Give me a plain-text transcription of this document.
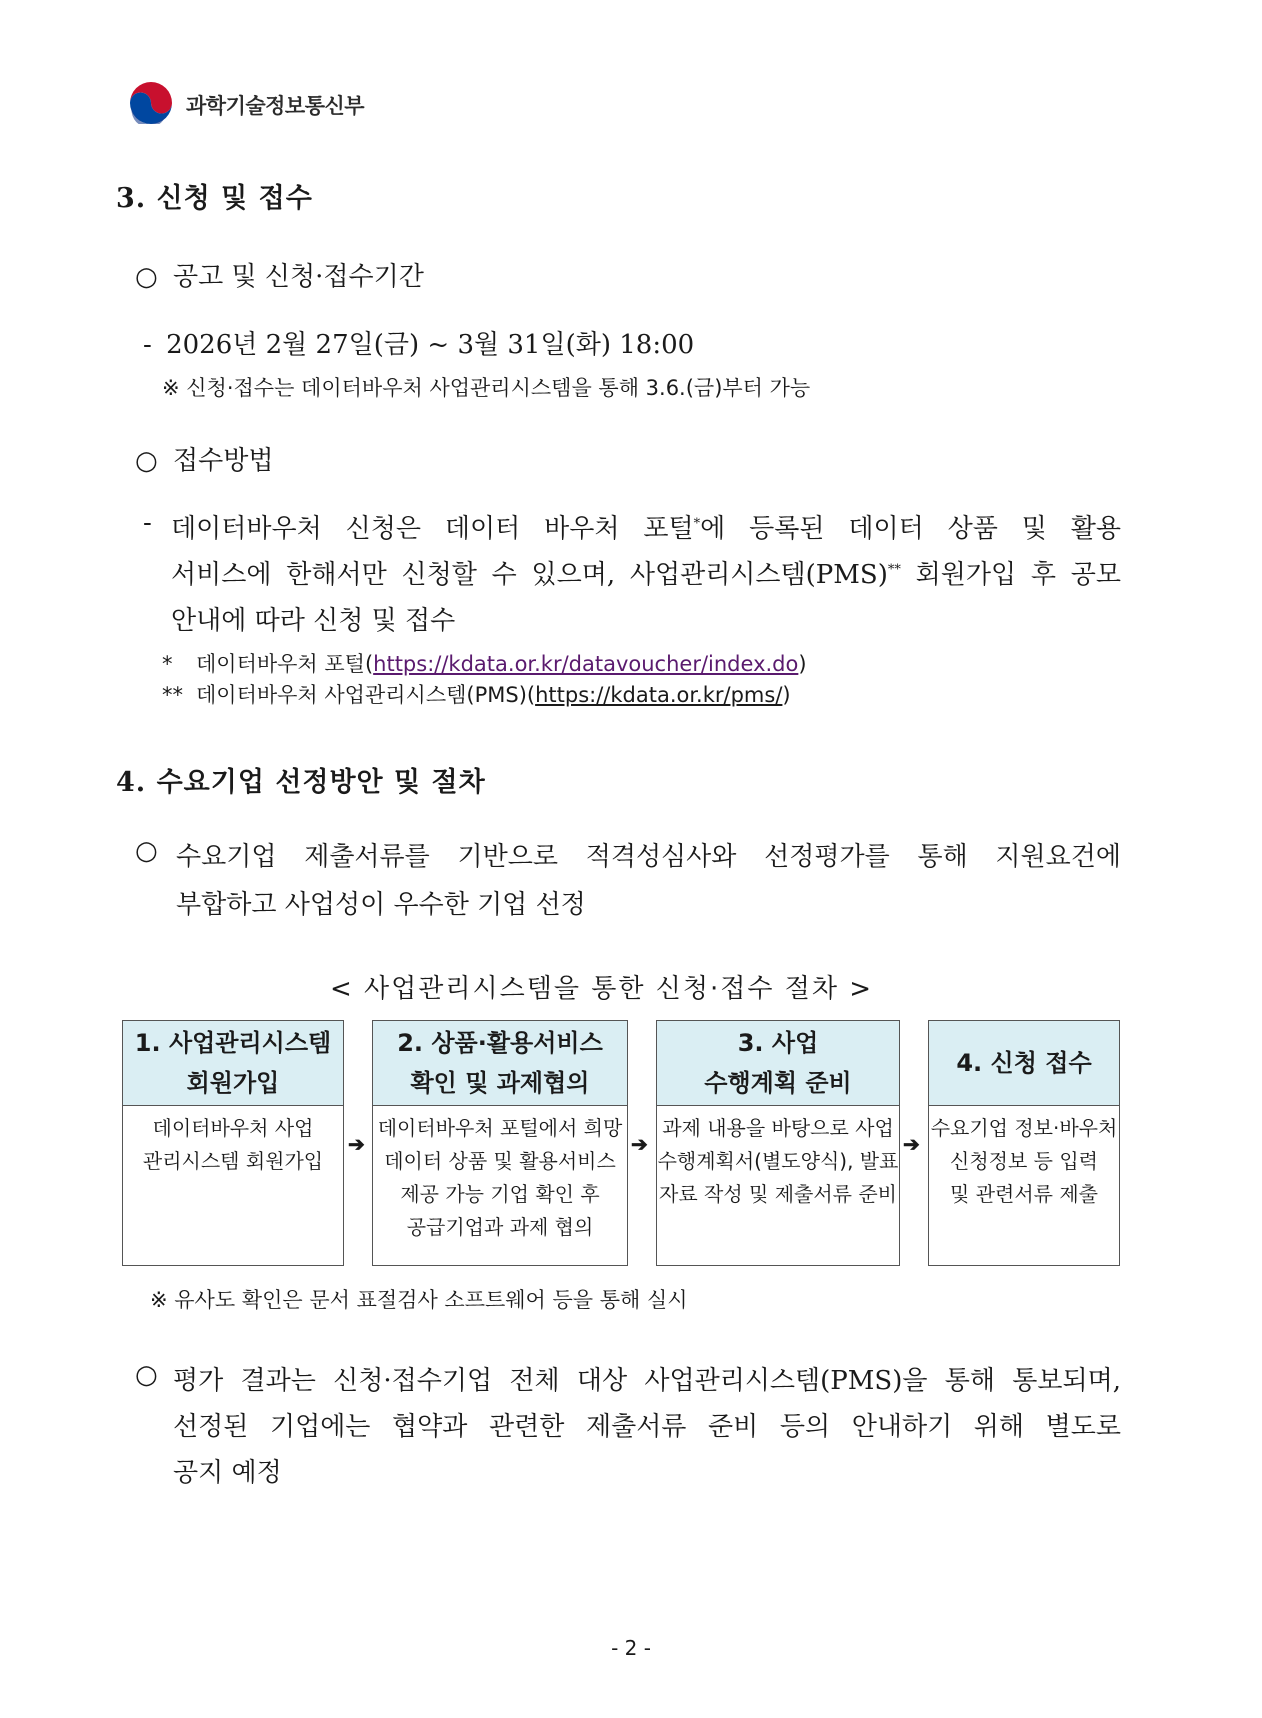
과학기술정보통신부
3. 신청 및 접수
○ 공고 및 신청·접수기간
- 2026년 2월 27일(금) ~ 3월 31일(화) 18:00
※ 신청·접수는 데이터바우처 사업관리시스템을 통해 3.6.(금)부터 가능
○ 접수방법
- 데이터바우처 신청은 데이터 바우처 포털*에 등록된 데이터 상품 및 활용
서비스에 한해서만 신청할 수 있으며, 사업관리시스템(PMS)** 회원가입 후 공모
안내에 따라 신청 및 접수
* 데이터바우처 포털(https://kdata.or.kr/datavoucher/index.do)
** 데이터바우처 사업관리시스템(PMS)(https://kdata.or.kr/pms/)
4. 수요기업 선정방안 및 절차
○ 수요기업 제출서류를 기반으로 적격성심사와 선정평가를 통해 지원요건에
부합하고 사업성이 우수한 기업 선정
< 사업관리시스템을 통한 신청·접수 절차 >
1. 사업관리시스템
회원가입
데이터바우처 사업
관리시스템 회원가입
➔
2. 상품·활용서비스
확인 및 과제협의
데이터바우처 포털에서 희망
데이터 상품 및 활용서비스
제공 가능 기업 확인 후
공급기업과 과제 협의
➔
3. 사업
수행계획 준비
과제 내용을 바탕으로 사업
수행계획서(별도양식), 발표
자료 작성 및 제출서류 준비
➔
4. 신청 접수
수요기업 정보·바우처
신청정보 등 입력
및 관련서류 제출
※ 유사도 확인은 문서 표절검사 소프트웨어 등을 통해 실시
○ 평가 결과는 신청·접수기업 전체 대상 사업관리시스템(PMS)을 통해 통보되며,
선정된 기업에는 협약과 관련한 제출서류 준비 등의 안내하기 위해 별도로
공지 예정
- 2 -
